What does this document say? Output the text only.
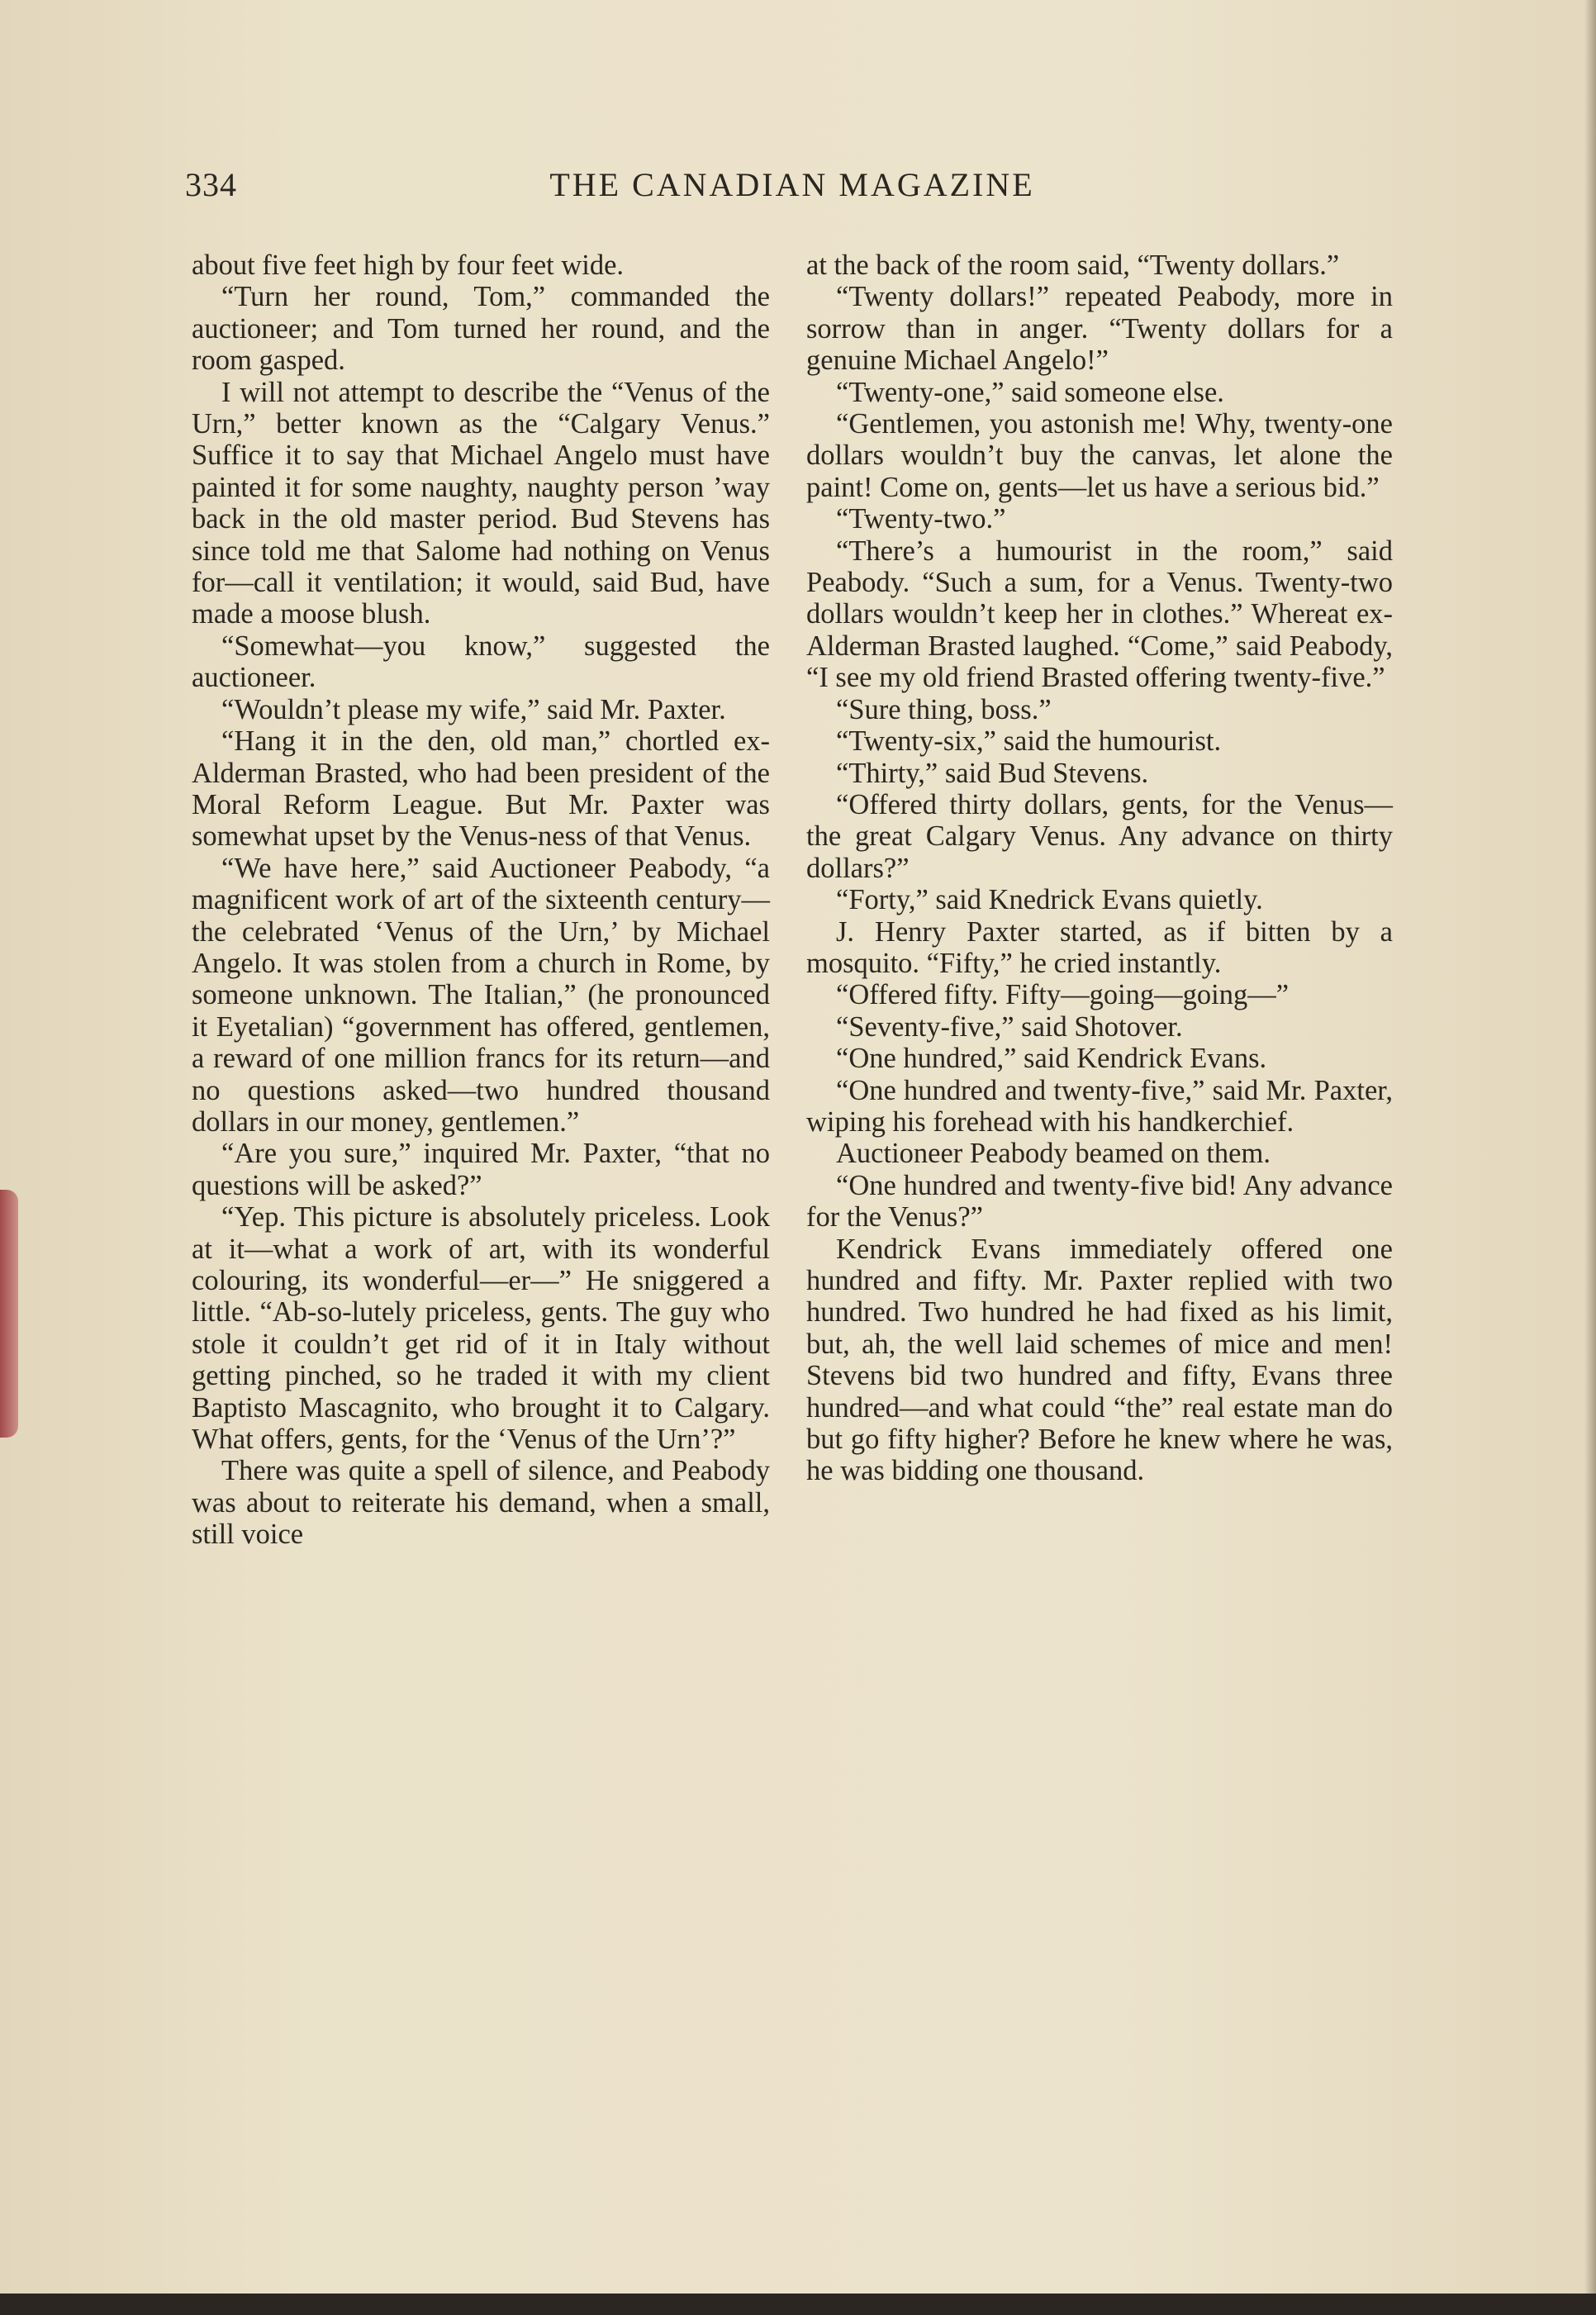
334	THE CANADIAN MAGAZINE

about five feet high by four feet wide.

“Turn her round, Tom,” commanded the auctioneer; and Tom turned her round, and the room gasped.

I will not attempt to describe the “Venus of the Urn,” better known as the “Calgary Venus.” Suffice it to say that Michael Angelo must have painted it for some naughty, naughty person ’way back in the old master period. Bud Stevens has since told me that Salome had nothing on Venus for—call it ventilation; it would, said Bud, have made a moose blush.

“Somewhat—you know,” suggested the auctioneer.

“Wouldn’t please my wife,” said Mr. Paxter.

“Hang it in the den, old man,” chortled ex-Alderman Brasted, who had been president of the Moral Reform League. But Mr. Paxter was somewhat upset by the Venus-ness of that Venus.

“We have here,” said Auctioneer Peabody, “a magnificent work of art of the sixteenth century—the celebrated ‘Venus of the Urn,’ by Michael Angelo. It was stolen from a church in Rome, by someone unknown. The Italian,” (he pronounced it Eyetalian) “government has offered, gentlemen, a reward of one million francs for its return—and no questions asked—two hundred thousand dollars in our money, gentlemen.”

“Are you sure,” inquired Mr. Paxter, “that no questions will be asked?”

“Yep. This picture is absolutely priceless. Look at it—what a work of art, with its wonderful colouring, its wonderful—er—” He sniggered a little. “Ab-so-lutely priceless, gents. The guy who stole it couldn’t get rid of it in Italy without getting pinched, so he traded it with my client Baptisto Mascagnito, who brought it to Calgary. What offers, gents, for the ‘Venus of the Urn’?”

There was quite a spell of silence, and Peabody was about to reiterate his demand, when a small, still voice

at the back of the room said, “Twenty dollars.”

“Twenty dollars!” repeated Peabody, more in sorrow than in anger. “Twenty dollars for a genuine Michael Angelo!”

“Twenty-one,” said someone else.

“Gentlemen, you astonish me! Why, twenty-one dollars wouldn’t buy the canvas, let alone the paint! Come on, gents—let us have a serious bid.”

“Twenty-two.”

“There’s a humourist in the room,” said Peabody. “Such a sum, for a Venus. Twenty-two dollars wouldn’t keep her in clothes.” Whereat ex-Alderman Brasted laughed. “Come,” said Peabody, “I see my old friend Brasted offering twenty-five.”

“Sure thing, boss.”

“Twenty-six,” said the humourist.

“Thirty,” said Bud Stevens.

“Offered thirty dollars, gents, for the Venus—the great Calgary Venus. Any advance on thirty dollars?”

“Forty,” said Knedrick Evans quietly.

J. Henry Paxter started, as if bitten by a mosquito. “Fifty,” he cried instantly.

“Offered fifty. Fifty—going—going—”

“Seventy-five,” said Shotover.

“One hundred,” said Kendrick Evans.

“One hundred and twenty-five,” said Mr. Paxter, wiping his forehead with his handkerchief.

Auctioneer Peabody beamed on them.

“One hundred and twenty-five bid! Any advance for the Venus?”

Kendrick Evans immediately offered one hundred and fifty. Mr. Paxter replied with two hundred. Two hundred he had fixed as his limit, but, ah, the well laid schemes of mice and men! Stevens bid two hundred and fifty, Evans three hundred—and what could “the” real estate man do but go fifty higher? Before he knew where he was, he was bidding one thousand.
